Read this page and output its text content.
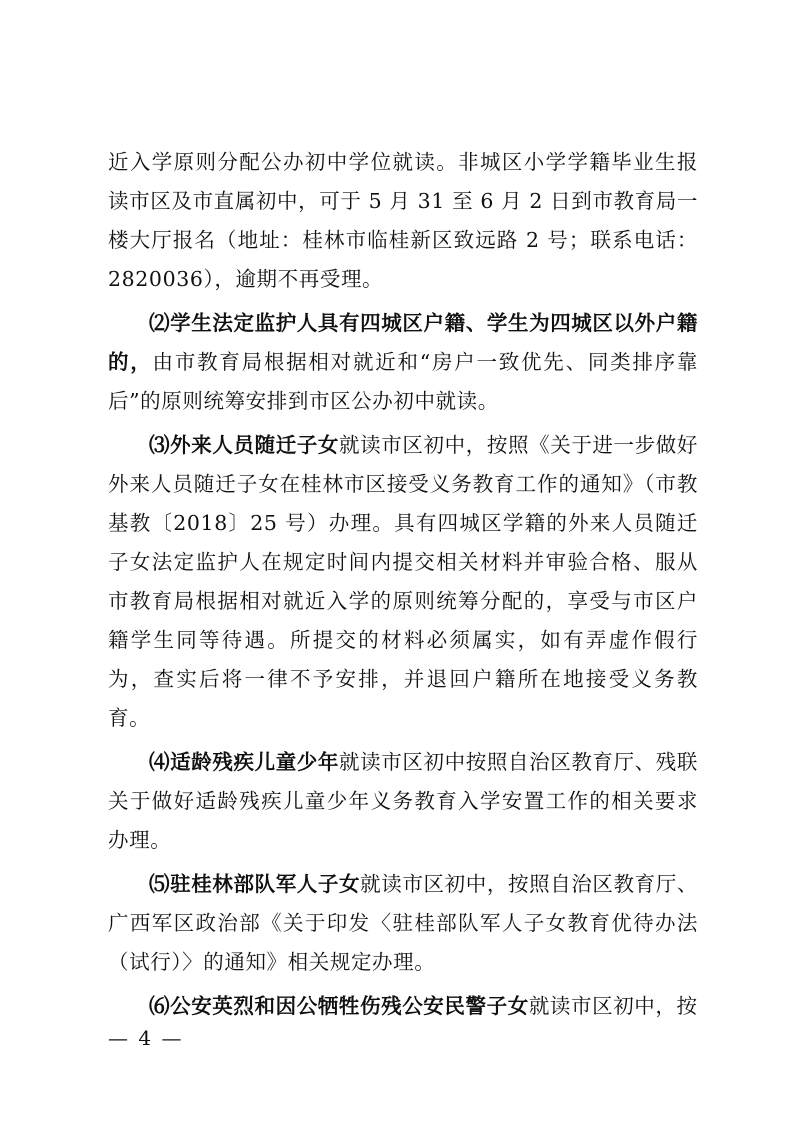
近入学原则分配公办初中学位就读。非城区小学学籍毕业生报读市区及市直属初中，可于 5 月 31 至 6 月 2 日到市教育局一楼大厅报名（地址：桂林市临桂新区致远路 2 号；联系电话：2820036），逾期不再受理。

⑵学生法定监护人具有四城区户籍、学生为四城区以外户籍的，由市教育局根据相对就近和“房户一致优先、同类排序靠后”的原则统筹安排到市区公办初中就读。

⑶外来人员随迁子女就读市区初中，按照《关于进一步做好外来人员随迁子女在桂林市区接受义务教育工作的通知》（市教基教〔2018〕25 号）办理。具有四城区学籍的外来人员随迁子女法定监护人在规定时间内提交相关材料并审验合格、服从市教育局根据相对就近入学的原则统筹分配的，享受与市区户籍学生同等待遇。所提交的材料必须属实，如有弄虚作假行为，查实后将一律不予安排，并退回户籍所在地接受义务教育。

⑷适龄残疾儿童少年就读市区初中按照自治区教育厅、残联关于做好适龄残疾儿童少年义务教育入学安置工作的相关要求办理。

⑸驻桂林部队军人子女就读市区初中，按照自治区教育厅、广西军区政治部《关于印发〈驻桂部队军人子女教育优待办法（试行）〉的通知》相关规定办理。

⑹公安英烈和因公牺牲伤残公安民警子女就读市区初中，按

— 4 —
